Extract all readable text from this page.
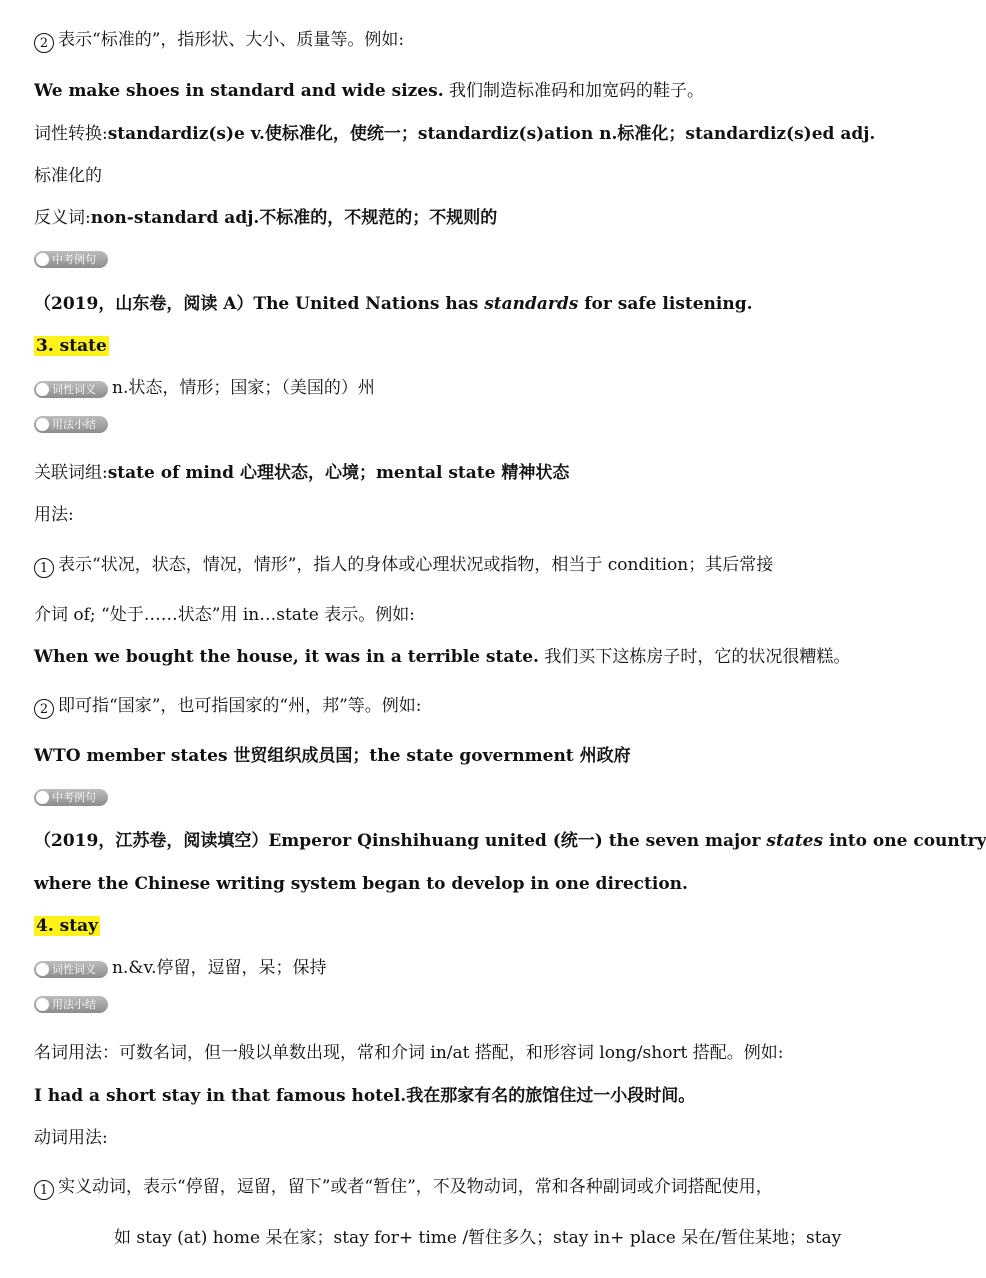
2 表示“标准的”，指形状、大小、质量等。例如:
We make shoes in standard and wide sizes. 我们制造标准码和加宽码的鞋子。
词性转换:standardiz(s)e v.使标准化，使统一；standardiz(s)ation n.标准化；standardiz(s)ed adj.
标准化的
反义词:non-standard adj.不标准的，不规范的；不规则的
中考例句
（2019，山东卷，阅读 A）The United Nations has standards for safe listening.
3. state
词性词义 n.状态，情形；国家；（美国的）州
用法小结
关联词组:state of mind 心理状态，心境；mental state 精神状态
用法:
1 表示“状况，状态，情况，情形”，指人的身体或心理状况或指物，相当于 condition；其后常接
介词 of; “处于……状态”用 in…state 表示。例如:
When we bought the house, it was in a terrible state. 我们买下这栋房子时，它的状况很糟糕。
2 即可指“国家”，也可指国家的“州，邦”等。例如:
WTO member states 世贸组织成员国；the state government 州政府
中考例句
（2019，江苏卷，阅读填空）Emperor Qinshihuang united (统一) the seven major states into one country
where the Chinese writing system began to develop in one direction.
4. stay
词性词义 n.&v.停留，逗留，呆；保持
用法小结
名词用法：可数名词，但一般以单数出现，常和介词 in/at 搭配，和形容词 long/short 搭配。例如:
I had a short stay in that famous hotel.我在那家有名的旅馆住过一小段时间。
动词用法:
1 实义动词，表示“停留，逗留，留下”或者“暂住”，不及物动词，常和各种副词或介词搭配使用，
如 stay (at) home 呆在家；stay for+ time /暂住多久；stay in+ place 呆在/暂住某地；stay
